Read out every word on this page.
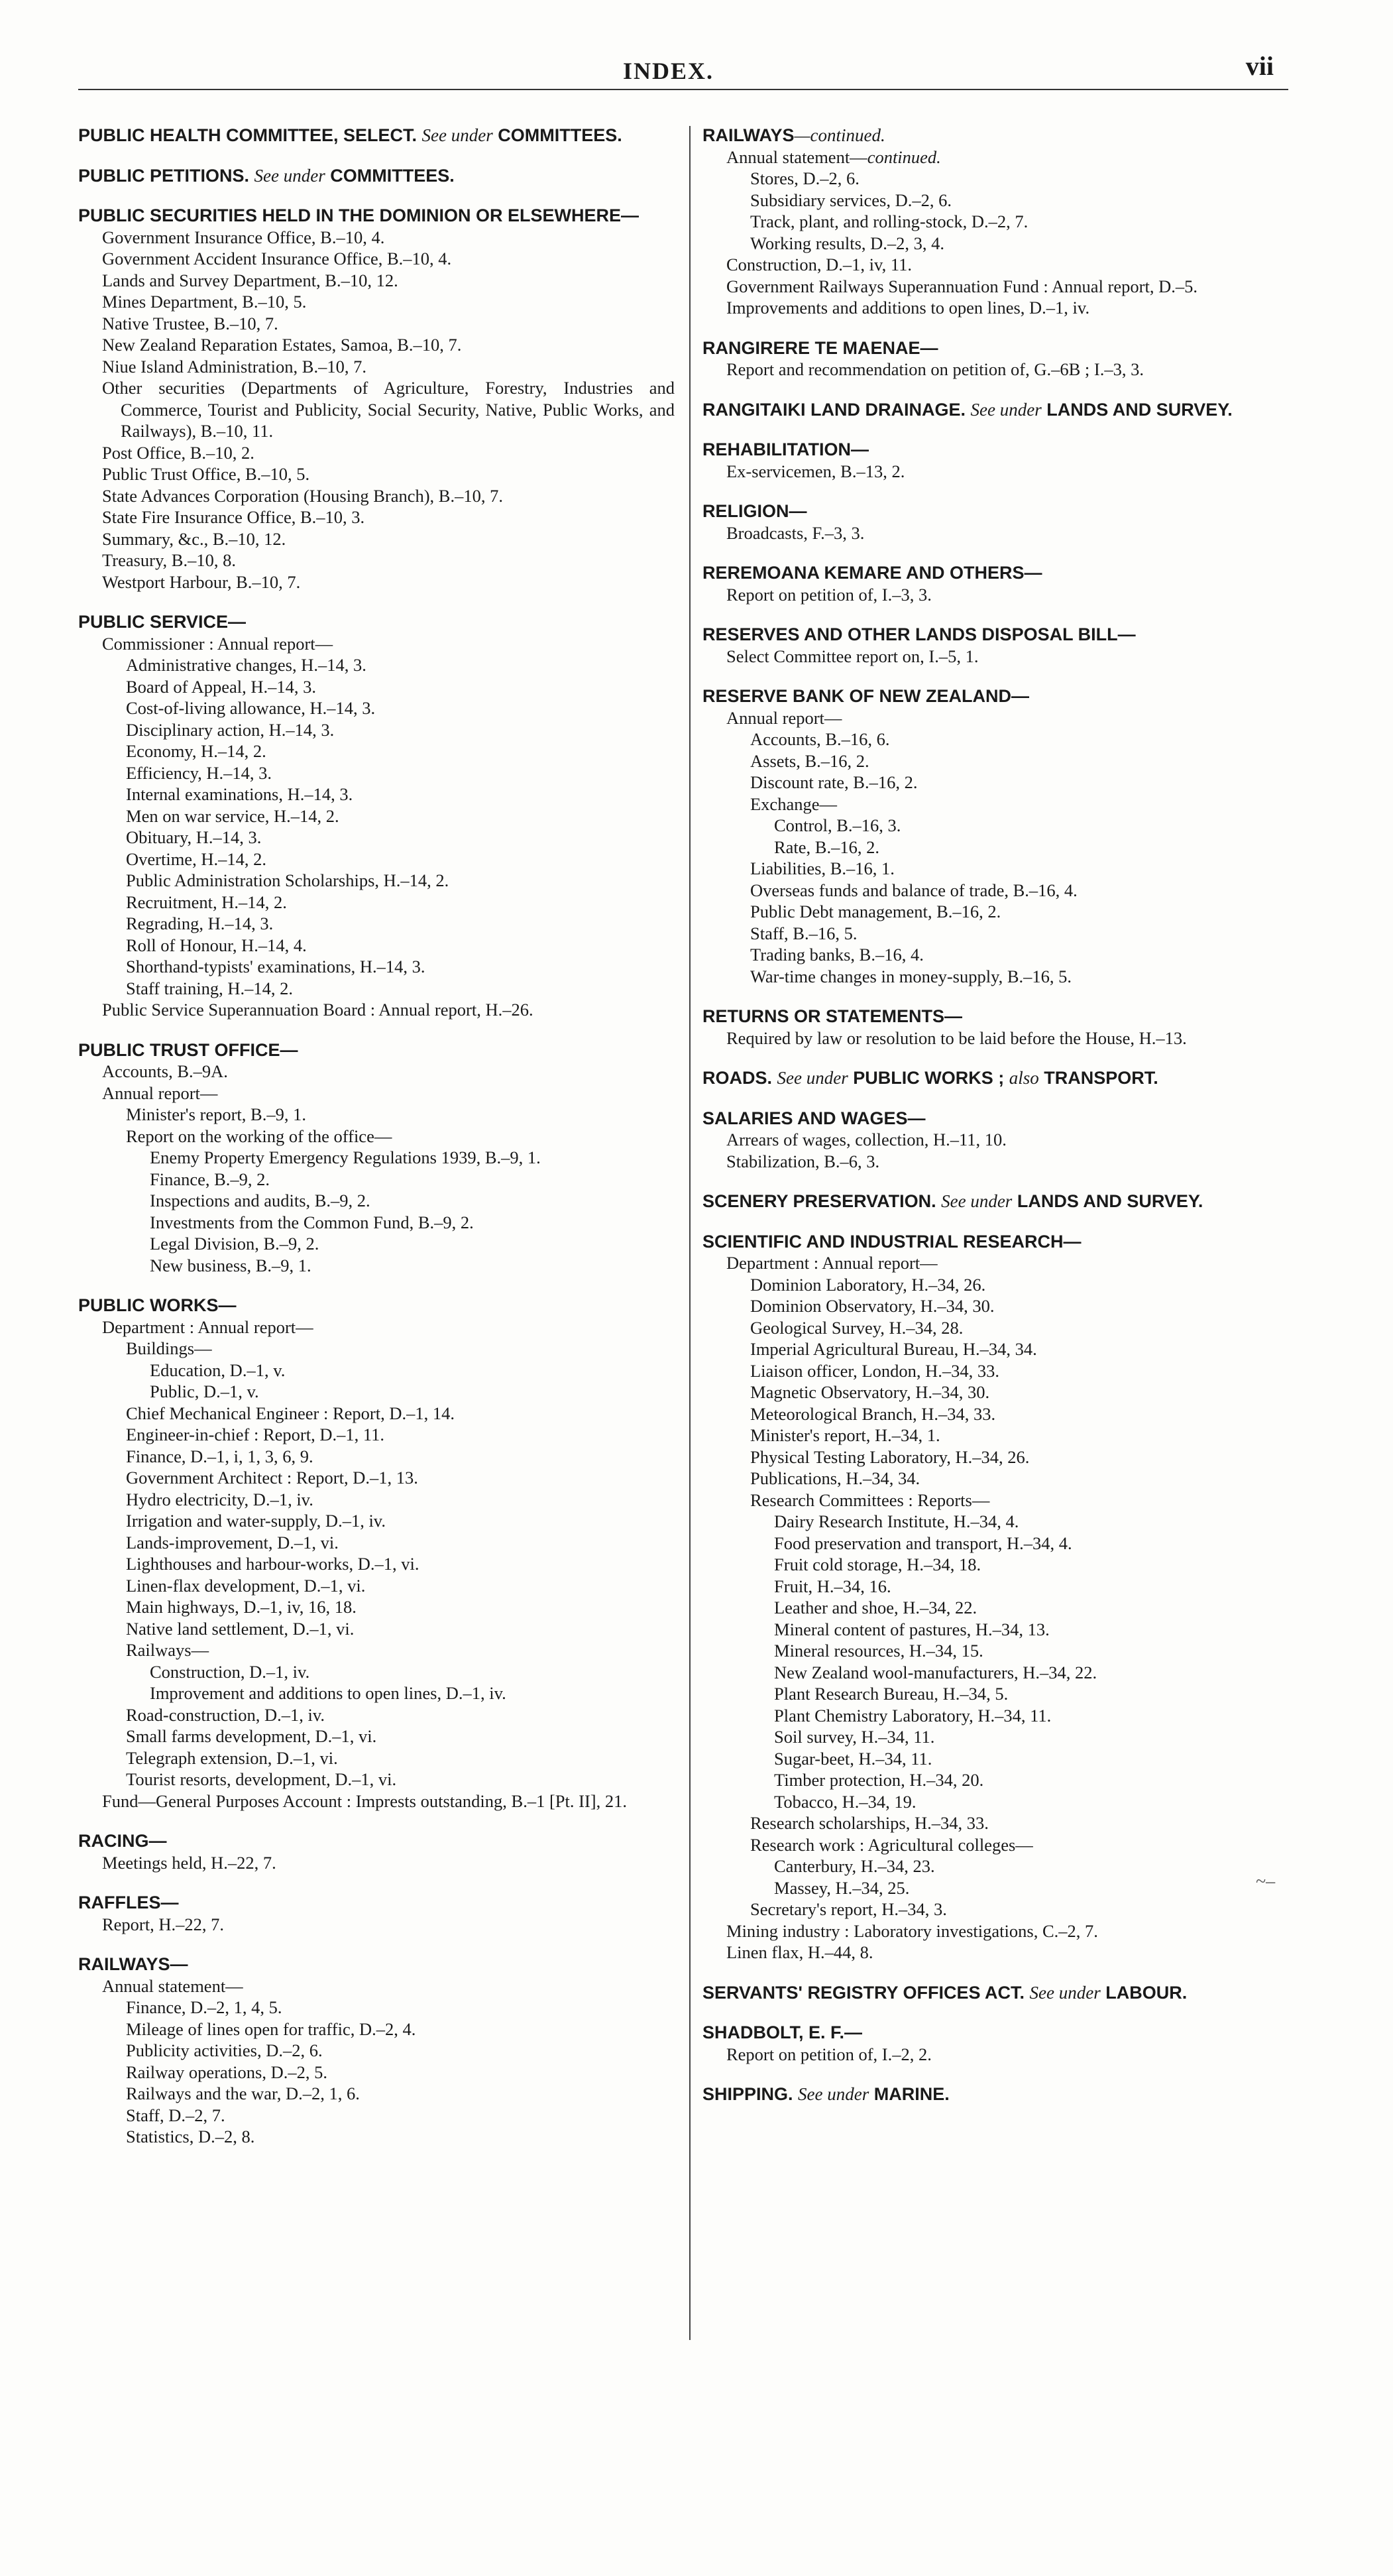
INDEX.	vii
PUBLIC HEALTH COMMITTEE, SELECT. See under COMMITTEES.
PUBLIC PETITIONS. See under COMMITTEES.
PUBLIC SECURITIES HELD IN THE DOMINION OR ELSEWHERE—
Government Insurance Office, B.–10, 4.
Government Accident Insurance Office, B.–10, 4.
Lands and Survey Department, B.–10, 12.
Mines Department, B.–10, 5.
Native Trustee, B.–10, 7.
New Zealand Reparation Estates, Samoa, B.–10, 7.
Niue Island Administration, B.–10, 7.
Other securities (Departments of Agriculture, Forestry, Industries and Commerce, Tourist and Publicity, Social Security, Native, Public Works, and Railways), B.–10, 11.
Post Office, B.–10, 2.
Public Trust Office, B.–10, 5.
State Advances Corporation (Housing Branch), B.–10, 7.
State Fire Insurance Office, B.–10, 3.
Summary, &c., B.–10, 12.
Treasury, B.–10, 8.
Westport Harbour, B.–10, 7.
PUBLIC SERVICE—
Commissioner : Annual report—
Administrative changes, H.–14, 3.
Board of Appeal, H.–14, 3.
Cost-of-living allowance, H.–14, 3.
Disciplinary action, H.–14, 3.
Economy, H.–14, 2.
Efficiency, H.–14, 3.
Internal examinations, H.–14, 3.
Men on war service, H.–14, 2.
Obituary, H.–14, 3.
Overtime, H.–14, 2.
Public Administration Scholarships, H.–14, 2.
Recruitment, H.–14, 2.
Regrading, H.–14, 3.
Roll of Honour, H.–14, 4.
Shorthand-typists' examinations, H.–14, 3.
Staff training, H.–14, 2.
Public Service Superannuation Board : Annual report, H.–26.
PUBLIC TRUST OFFICE—
Accounts, B.–9A.
Annual report—
Minister's report, B.–9, 1.
Report on the working of the office—
Enemy Property Emergency Regulations 1939, B.–9, 1.
Finance, B.–9, 2.
Inspections and audits, B.–9, 2.
Investments from the Common Fund, B.–9, 2.
Legal Division, B.–9, 2.
New business, B.–9, 1.
PUBLIC WORKS—
Department : Annual report—
Buildings—
Education, D.–1, v.
Public, D.–1, v.
Chief Mechanical Engineer : Report, D.–1, 14.
Engineer-in-chief : Report, D.–1, 11.
Finance, D.–1, i, 1, 3, 6, 9.
Government Architect : Report, D.–1, 13.
Hydro electricity, D.–1, iv.
Irrigation and water-supply, D.–1, iv.
Lands-improvement, D.–1, vi.
Lighthouses and harbour-works, D.–1, vi.
Linen-flax development, D.–1, vi.
Main highways, D.–1, iv, 16, 18.
Native land settlement, D.–1, vi.
Railways—
Construction, D.–1, iv.
Improvement and additions to open lines, D.–1, iv.
Road-construction, D.–1, iv.
Small farms development, D.–1, vi.
Telegraph extension, D.–1, vi.
Tourist resorts, development, D.–1, vi.
Fund—General Purposes Account : Imprests outstanding, B.–1 [Pt. II], 21.
RACING—
Meetings held, H.–22, 7.
RAFFLES—
Report, H.–22, 7.
RAILWAYS—
Annual statement—
Finance, D.–2, 1, 4, 5.
Mileage of lines open for traffic, D.–2, 4.
Publicity activities, D.–2, 6.
Railway operations, D.–2, 5.
Railways and the war, D.–2, 1, 6.
Staff, D.–2, 7.
Statistics, D.–2, 8.
RAILWAYS—continued.
Annual statement—continued.
Stores, D.–2, 6.
Subsidiary services, D.–2, 6.
Track, plant, and rolling-stock, D.–2, 7.
Working results, D.–2, 3, 4.
Construction, D.–1, iv, 11.
Government Railways Superannuation Fund : Annual report, D.–5.
Improvements and additions to open lines, D.–1, iv.
RANGIRERE TE MAENAE—
Report and recommendation on petition of, G.–6B ; I.–3, 3.
RANGITAIKI LAND DRAINAGE. See under LANDS AND SURVEY.
REHABILITATION—
Ex-servicemen, B.–13, 2.
RELIGION—
Broadcasts, F.–3, 3.
REREMOANA KEMARE AND OTHERS—
Report on petition of, I.–3, 3.
RESERVES AND OTHER LANDS DISPOSAL BILL—
Select Committee report on, I.–5, 1.
RESERVE BANK OF NEW ZEALAND—
Annual report—
Accounts, B.–16, 6.
Assets, B.–16, 2.
Discount rate, B.–16, 2.
Exchange—
Control, B.–16, 3.
Rate, B.–16, 2.
Liabilities, B.–16, 1.
Overseas funds and balance of trade, B.–16, 4.
Public Debt management, B.–16, 2.
Staff, B.–16, 5.
Trading banks, B.–16, 4.
War-time changes in money-supply, B.–16, 5.
RETURNS OR STATEMENTS—
Required by law or resolution to be laid before the House, H.–13.
ROADS. See under PUBLIC WORKS ; also TRANSPORT.
SALARIES AND WAGES—
Arrears of wages, collection, H.–11, 10.
Stabilization, B.–6, 3.
SCENERY PRESERVATION. See under LANDS AND SURVEY.
SCIENTIFIC AND INDUSTRIAL RESEARCH—
Department : Annual report—
Dominion Laboratory, H.–34, 26.
Dominion Observatory, H.–34, 30.
Geological Survey, H.–34, 28.
Imperial Agricultural Bureau, H.–34, 34.
Liaison officer, London, H.–34, 33.
Magnetic Observatory, H.–34, 30.
Meteorological Branch, H.–34, 33.
Minister's report, H.–34, 1.
Physical Testing Laboratory, H.–34, 26.
Publications, H.–34, 34.
Research Committees : Reports—
Dairy Research Institute, H.–34, 4.
Food preservation and transport, H.–34, 4.
Fruit cold storage, H.–34, 18.
Fruit, H.–34, 16.
Leather and shoe, H.–34, 22.
Mineral content of pastures, H.–34, 13.
Mineral resources, H.–34, 15.
New Zealand wool-manufacturers, H.–34, 22.
Plant Research Bureau, H.–34, 5.
Plant Chemistry Laboratory, H.–34, 11.
Soil survey, H.–34, 11.
Sugar-beet, H.–34, 11.
Timber protection, H.–34, 20.
Tobacco, H.–34, 19.
Research scholarships, H.–34, 33.
Research work : Agricultural colleges—
Canterbury, H.–34, 23.
Massey, H.–34, 25.
Secretary's report, H.–34, 3.
Mining industry : Laboratory investigations, C.–2, 7.
Linen flax, H.–44, 8.
SERVANTS' REGISTRY OFFICES ACT. See under LABOUR.
SHADBOLT, E. F.—
Report on petition of, I.–2, 2.
SHIPPING. See under MARINE.
~–
